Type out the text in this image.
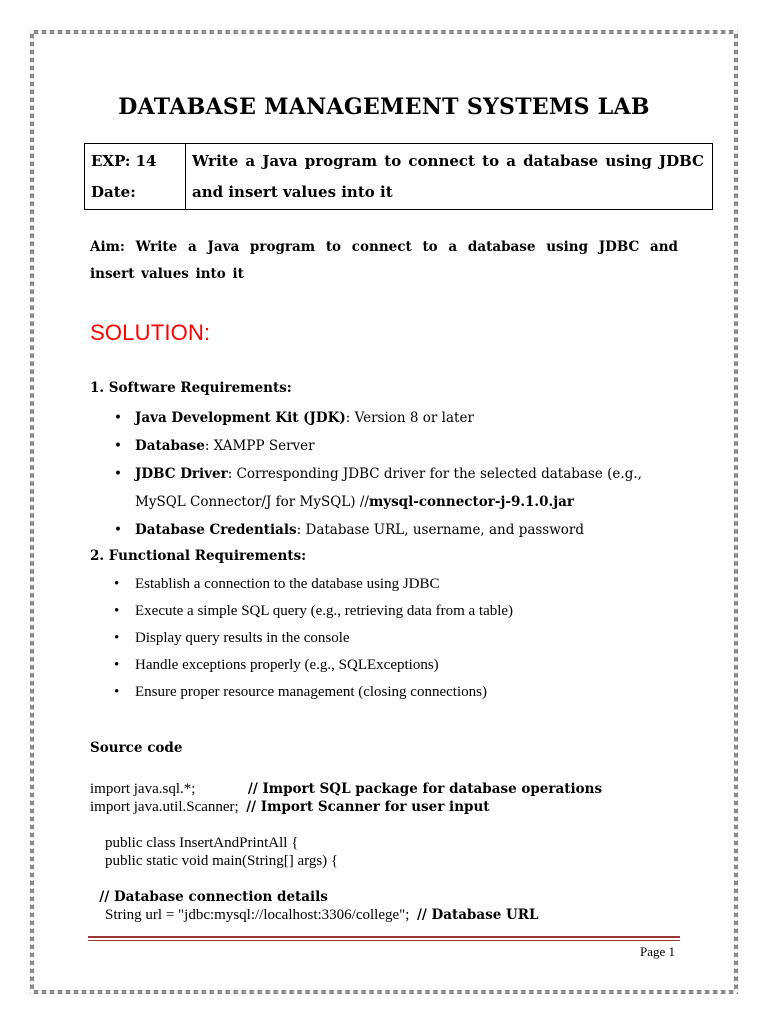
DATABASE MANAGEMENT SYSTEMS LAB
EXP: 14
Date:
Write a Java program to connect to a database using JDBC and insert values into it
Aim: Write a Java program to connect to a database using JDBC and insert values into it
SOLUTION:
1. Software Requirements:
• Java Development Kit (JDK): Version 8 or later
• Database: XAMPP Server
• JDBC Driver: Corresponding JDBC driver for the selected database (e.g.,
MySQL Connector/J for MySQL) //mysql-connector-j-9.1.0.jar
• Database Credentials: Database URL, username, and password
2. Functional Requirements:
• Establish a connection to the database using JDBC
• Execute a simple SQL query (e.g., retrieving data from a table)
• Display query results in the console
• Handle exceptions properly (e.g., SQLExceptions)
• Ensure proper resource management (closing connections)
Source code
import java.sql.*;              // Import SQL package for database operations
import java.util.Scanner;  // Import Scanner for user input
public class InsertAndPrintAll {
public static void main(String[] args) {
// Database connection details
String url = "jdbc:mysql://localhost:3306/college";  // Database URL
Page 1
